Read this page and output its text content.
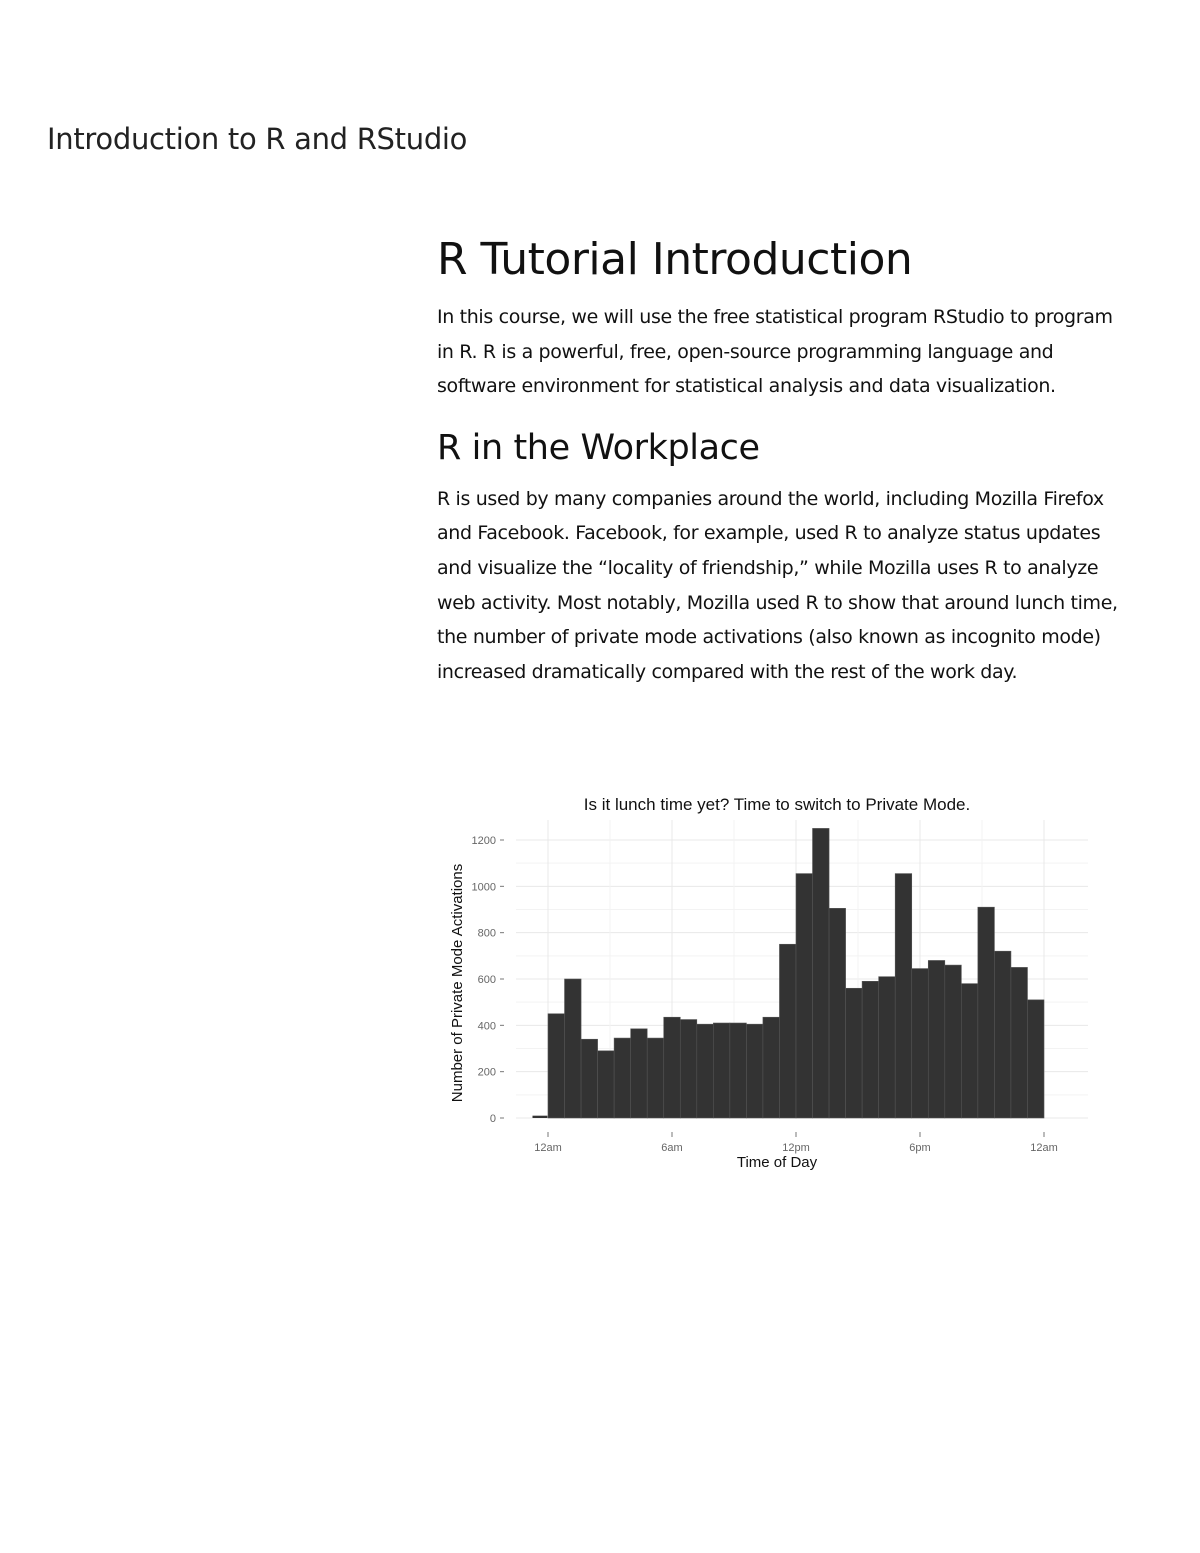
Introduction to R and RStudio
R Tutorial Introduction

In this course, we will use the free statistical program RStudio to program in R. R is a powerful, free, open-source programming language and software environment for statistical analysis and data visualization.

R in the Workplace

R is used by many companies around the world, including Mozilla Firefox and Facebook. Facebook, for example, used R to analyze status updates and visualize the “locality of friendship,” while Mozilla uses R to analyze web activity. Most notably, Mozilla used R to show that around lunch time, the number of private mode activations (also known as incognito mode) increased dramatically compared with the rest of the work day.

Is it lunch time yet? Time to switch to Private Mode.
0
200
400
600
800
1000
1200
12am	6am	12pm	6pm	12am
Time of Day
Number of Private Mode Activations
